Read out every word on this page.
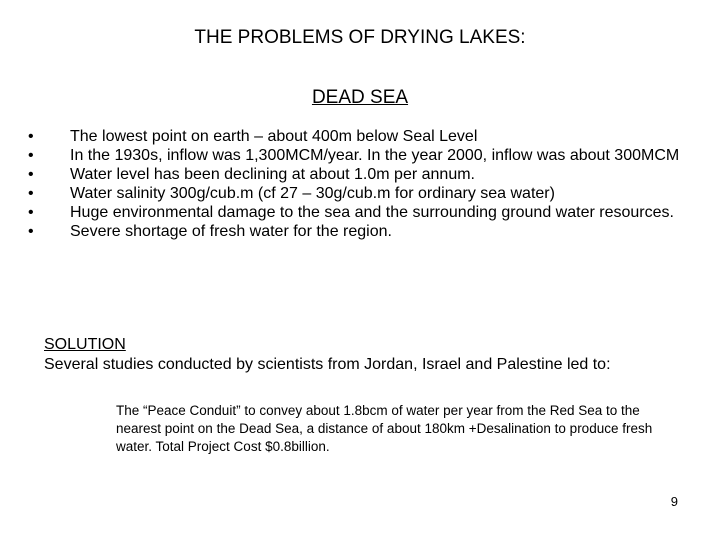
THE PROBLEMS OF DRYING LAKES:
DEAD SEA
•	The lowest point on earth – about 400m below Seal Level
•	In the 1930s, inflow was 1,300MCM/year. In the year 2000, inflow was about 300MCM
•	Water level has been declining at about 1.0m per annum.
•	Water salinity 300g/cub.m (cf 27 – 30g/cub.m for ordinary sea water)
•	Huge environmental damage to the sea and the surrounding ground water resources.
•	Severe shortage of fresh water for the region.

SOLUTION

Several studies conducted by scientists from Jordan, Israel and Palestine led to:

The “Peace Conduit” to convey about 1.8bcm of water per year from the Red Sea to the nearest point on the Dead Sea, a distance of about 180km +Desalination to produce fresh water. Total Project Cost $0.8billion.

9
